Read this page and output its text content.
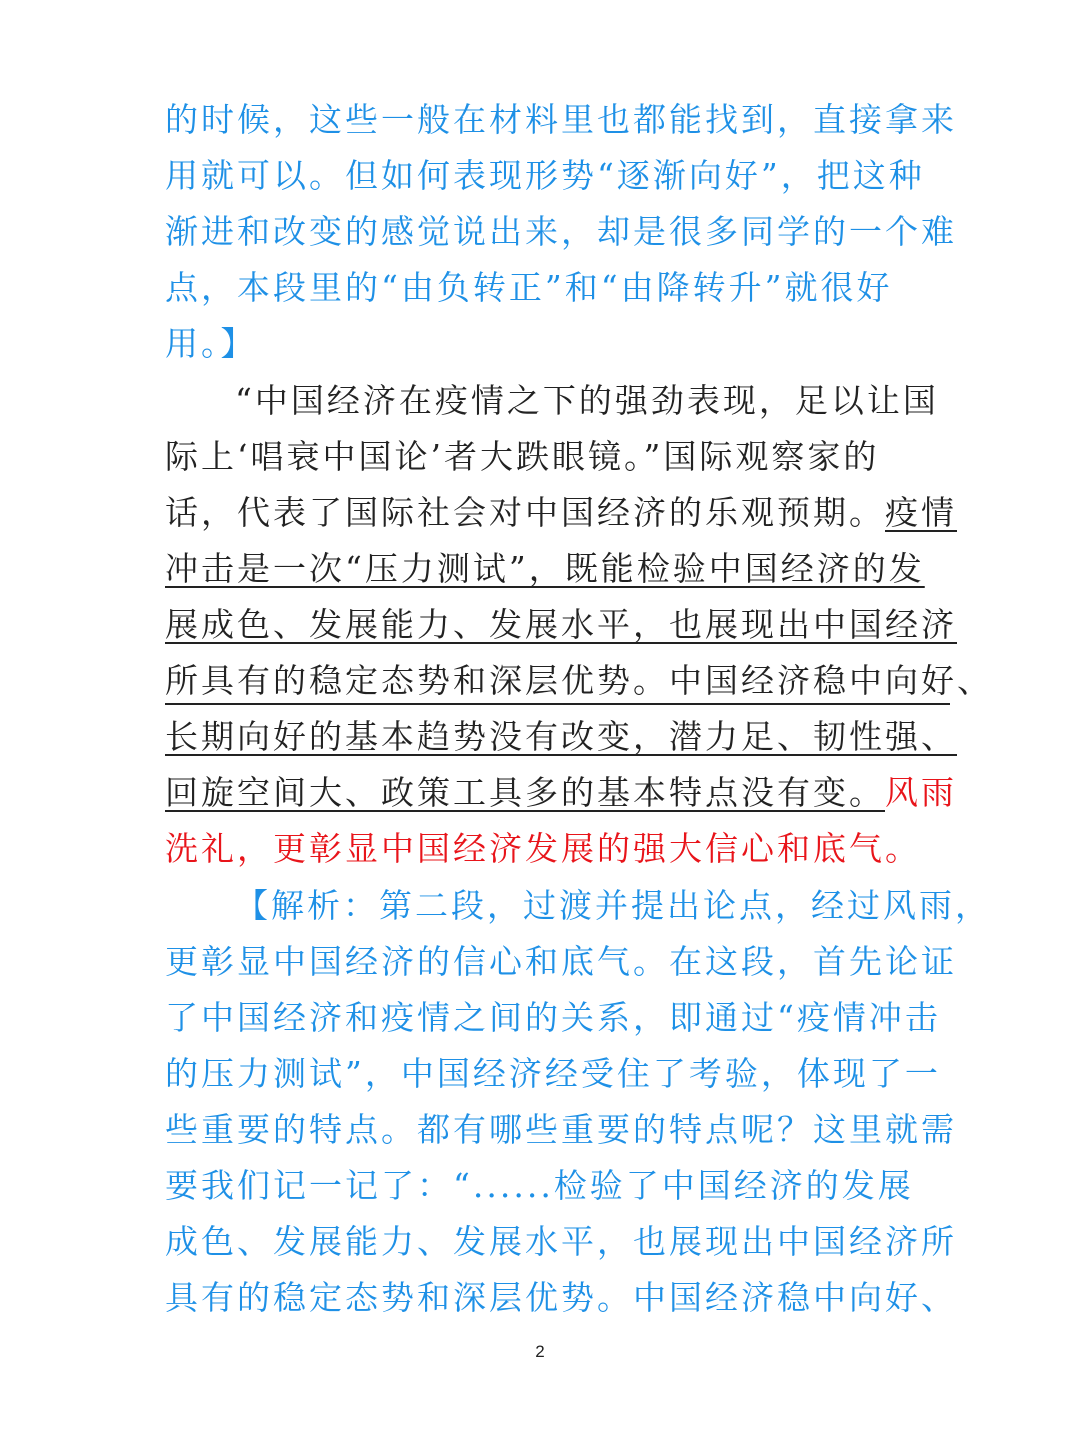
的时候，这些一般在材料里也都能找到，直接拿来
用就可以。但如何表现形势“逐渐向好”，把这种
渐进和改变的感觉说出来，却是很多同学的一个难
点，本段里的“由负转正”和“由降转升”就很好
用。】
“中国经济在疫情之下的强劲表现，足以让国
际上‘唱衰中国论’者大跌眼镜。”国际观察家的
话，代表了国际社会对中国经济的乐观预期。疫情
冲击是一次“压力测试”，既能检验中国经济的发
展成色、发展能力、发展水平，也展现出中国经济
所具有的稳定态势和深层优势。中国经济稳中向好、
长期向好的基本趋势没有改变，潜力足、韧性强、
回旋空间大、政策工具多的基本特点没有变。风雨
洗礼，更彰显中国经济发展的强大信心和底气。
【解析：第二段，过渡并提出论点，经过风雨，
更彰显中国经济的信心和底气。在这段，首先论证
了中国经济和疫情之间的关系，即通过“疫情冲击
的压力测试”，中国经济经受住了考验，体现了一
些重要的特点。都有哪些重要的特点呢？这里就需
要我们记一记了：“......检验了中国经济的发展
成色、发展能力、发展水平，也展现出中国经济所
具有的稳定态势和深层优势。中国经济稳中向好、
2
